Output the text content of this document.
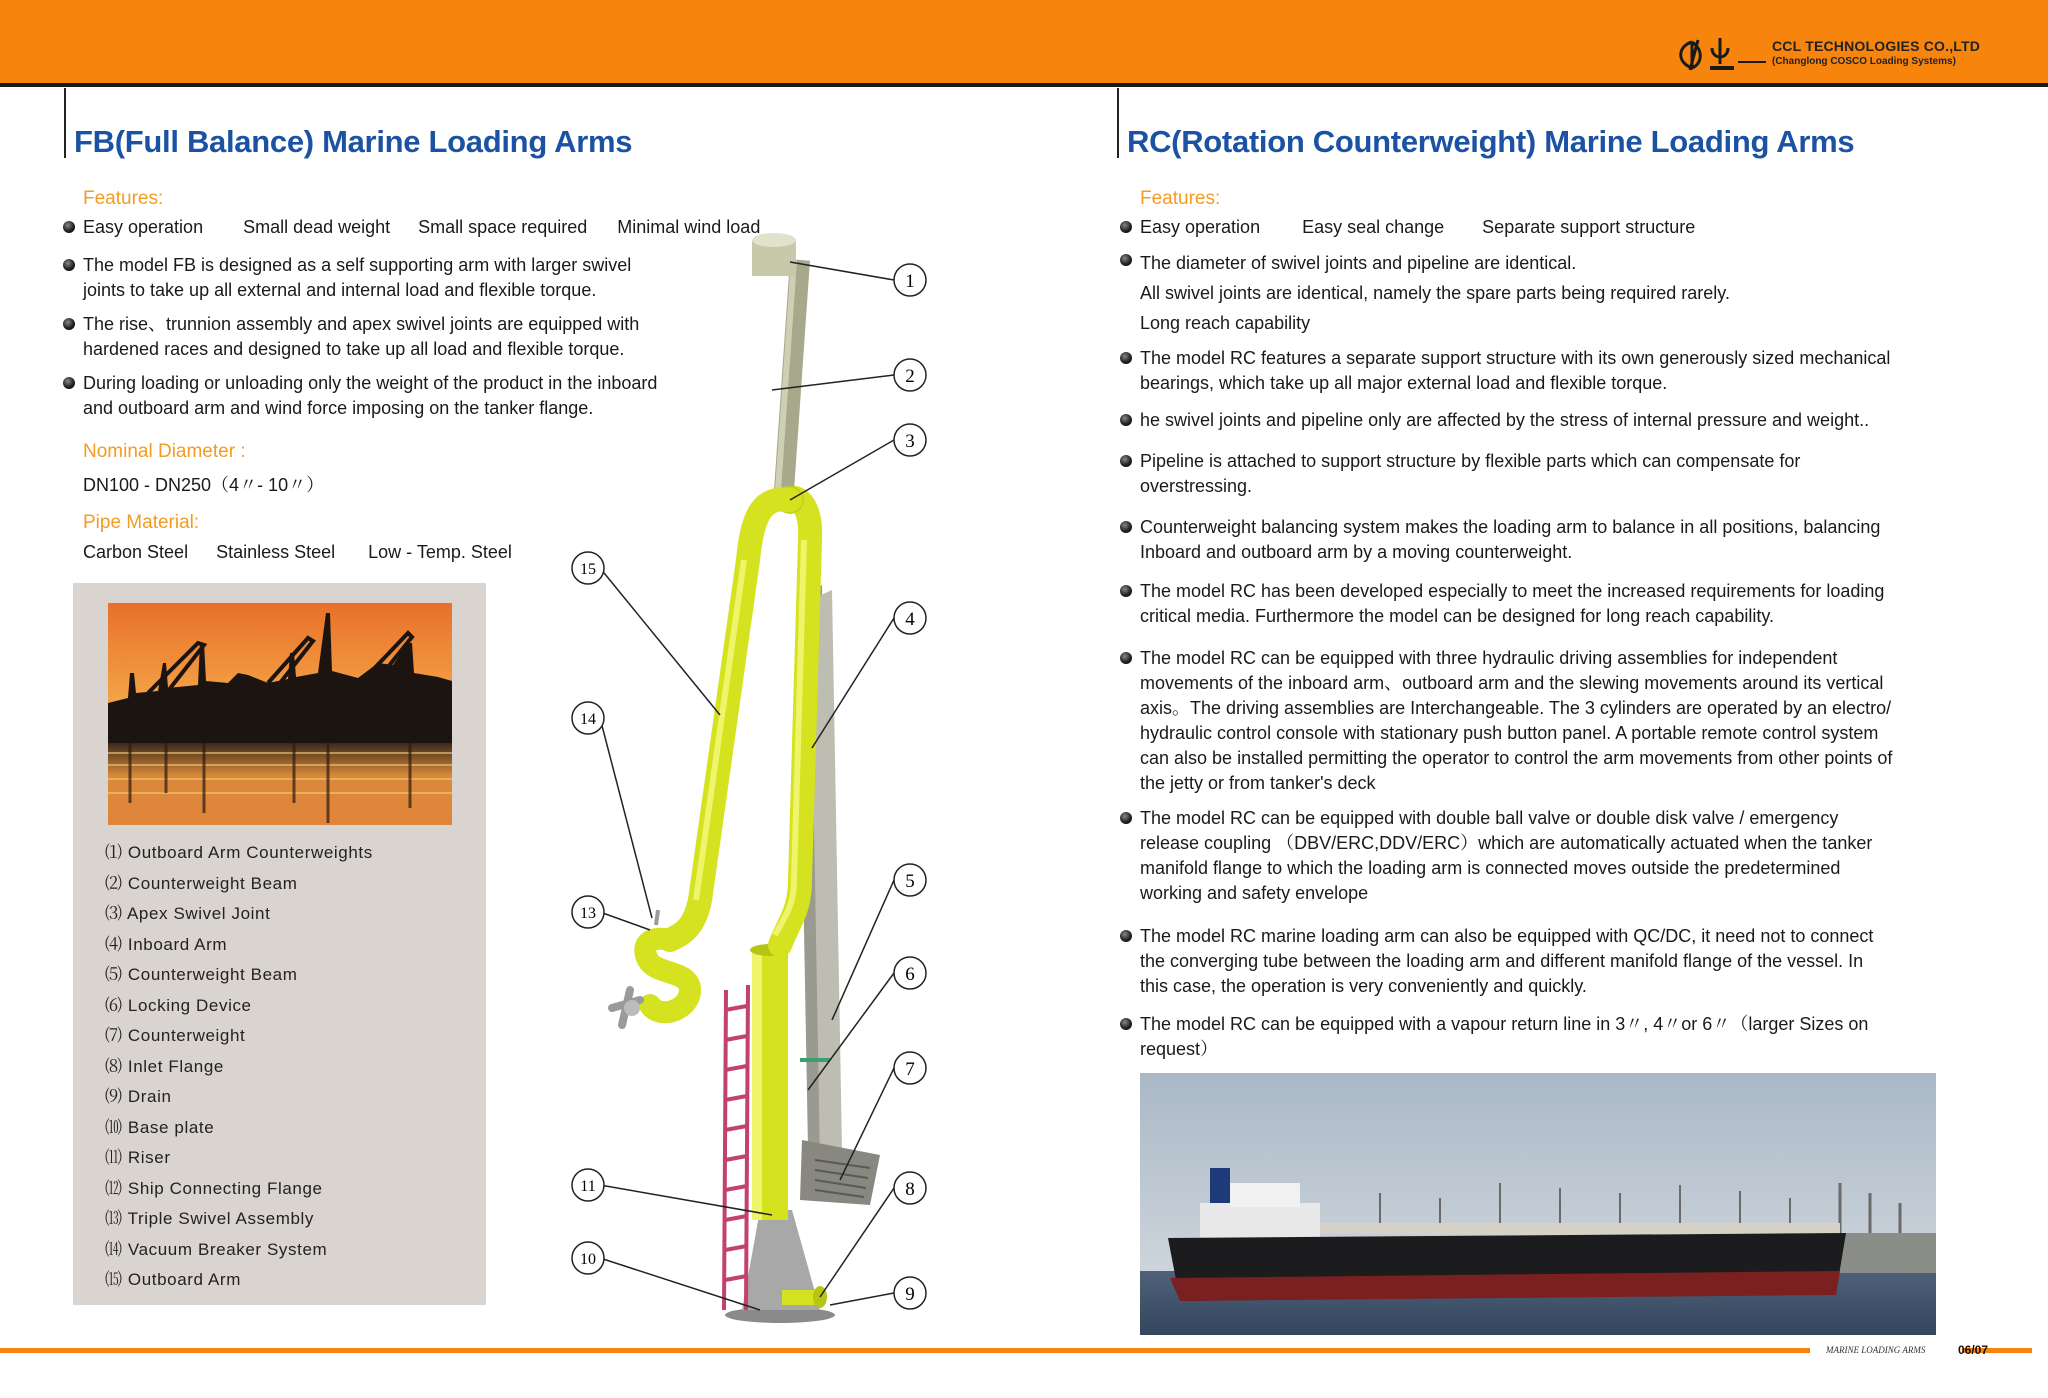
CCL TECHNOLOGIES CO.,LTD
(Changlong COSCO Loading Systems)
FB(Full Balance) Marine Loading Arms
Features:
Easy operation Small dead weight Small space required Minimal wind load
The model FB is designed as a self supporting arm with larger swivel
joints to take up all external and internal load and flexible torque.
The rise、trunnion assembly and apex swivel joints are equipped with
hardened races and designed to take up all load and flexible torque.
During loading or unloading only the weight of the product in the inboard
and outboard arm and wind force imposing on the tanker flange.
Nominal Diameter :
DN100 - DN250（4〃- 10〃）
Pipe Material:
Carbon Steel Stainless Steel Low - Temp. Steel
⑴ Outboard Arm Counterweights
⑵ Counterweight Beam
⑶ Apex Swivel Joint
⑷ Inboard Arm
⑸ Counterweight Beam
⑹ Locking Device
⑺ Counterweight
⑻ Inlet Flange
⑼ Drain
⑽ Base plate
⑾ Riser
⑿ Ship Connecting Flange
⒀ Triple Swivel Assembly
⒁ Vacuum Breaker System
⒂ Outboard Arm
1
2
3
4
5
6
7
8
9
10
11
13
14
15
RC(Rotation Counterweight) Marine Loading Arms
Features:
Easy operation Easy seal change Separate support structure
The diameter of swivel joints and pipeline are identical.
All swivel joints are identical, namely the spare parts being required rarely.
Long reach capability
The model RC features a separate support structure with its own generously sized mechanical
bearings, which take up all major external load and flexible torque.
he swivel joints and pipeline only are affected by the stress of internal pressure and weight..
Pipeline is attached to support structure by flexible parts which can compensate for
overstressing.
Counterweight balancing system makes the loading arm to balance in all positions, balancing
Inboard and outboard arm by a moving counterweight.
The model RC has been developed especially to meet the increased requirements for loading
critical media. Furthermore the model can be designed for long reach capability.
The model RC can be equipped with three hydraulic driving assemblies for independent
movements of the inboard arm、outboard arm and the slewing movements around its vertical
axis。The driving assemblies are Interchangeable. The 3 cylinders are operated by an electro/
hydraulic control console with stationary push button panel. A portable remote control system
can also be installed permitting the operator to control the arm movements from other points of
the jetty or from tanker's deck
The model RC can be equipped with double ball valve or double disk valve / emergency
release coupling （DBV/ERC,DDV/ERC）which are automatically actuated when the tanker
manifold flange to which the loading arm is connected moves outside the predetermined
working and safety envelope
The model RC marine loading arm can also be equipped with QC/DC, it need not to connect
the converging tube between the loading arm and different manifold flange of the vessel. In
this case, the operation is very conveniently and quickly.
The model RC can be equipped with a vapour return line in 3〃, 4〃or 6〃（larger Sizes on
request）
MARINE LOADING ARMS	06/07
